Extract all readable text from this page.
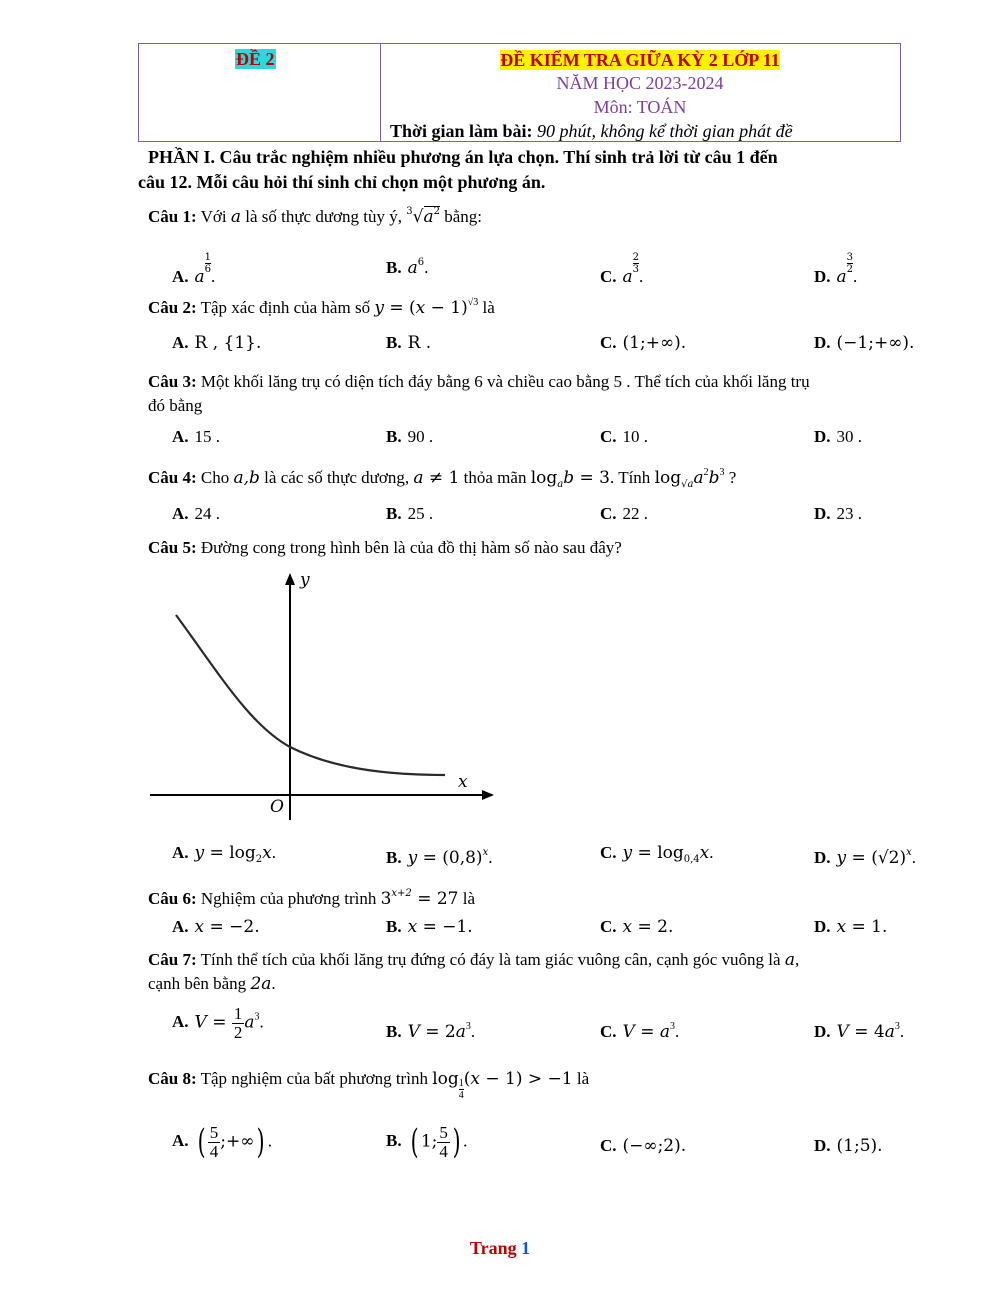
ĐỀ 2	ĐỀ KIỂM TRA GIỮA KỲ 2 LỚP 11
NĂM HỌC 2023-2024
Môn: TOÁN
Thời gian làm bài: 90 phút, không kể thời gian phát đề
PHẦN I. Câu trắc nghiệm nhiều phương án lựa chọn. Thí sinh trả lời từ câu 1 đến
câu 12. Mỗi câu hỏi thí sinh chỉ chọn một phương án.
Câu 1: Với a là số thực dương tùy ý, $^3√a^2$ bằng:
A. a
$\frac{1}{6}$
.	B. $a^6$.	C. a
$\frac{2}{3}$
.	D. a
$\frac{3}{2}$
.
Câu 2: Tập xác định của hàm số $y = (x - 1)^{√3}$ là
A. R , {1}.	B. R .	C. (1;+∞).	D. (−1;+∞).
Câu 3: Một khối lăng trụ có diện tích đáy bằng 6 và chiều cao bằng 5 . Thể tích của khối lăng trụ
đó bằng
A. 15 .	B. 90 .	C. 10 .	D. 30 .
Câu 4: Cho a,b là các số thực dương, a ≠ 1 thỏa mãn $\log_ab = 3$. Tính $\log_{√a}a^2b^3$ ?
A. 24 .	B. 25 .	C. 22 .	D. 23 .
Câu 5: Đường cong trong hình bên là của đồ thị hàm số nào sau đây?
y
x
O
A. $y = \log_2x$.	B. $y = (0,8)^x$.	C. $y = \log_{0,4}x$.	D. $y = (√2)^x$.
Câu 6: Nghiệm của phương trình $3^{x+2} = 27$ là
A. x = −2.	B. x = −1.	C. x = 2.	D. x = 1.
Câu 7: Tính thể tích của khối lăng trụ đứng có đáy là tam giác vuông cân, cạnh góc vuông là a,
cạnh bên bằng 2a.
A. $V = \frac{1}{2} a^3$.
B. $V = 2a^3$.	C. $V = a^3$.	D. $V = 4a^3$.
Câu 8: Tập nghiệm của bất phương trình $\log \frac{1}{4} (x - 1) > -1$ là
A. ( $\frac{5}{4}$ ;+∞) .	B. ( 1; $\frac{5}{4}$ ) .	C. (−∞;2).	D. (1;5).
Trang 1
